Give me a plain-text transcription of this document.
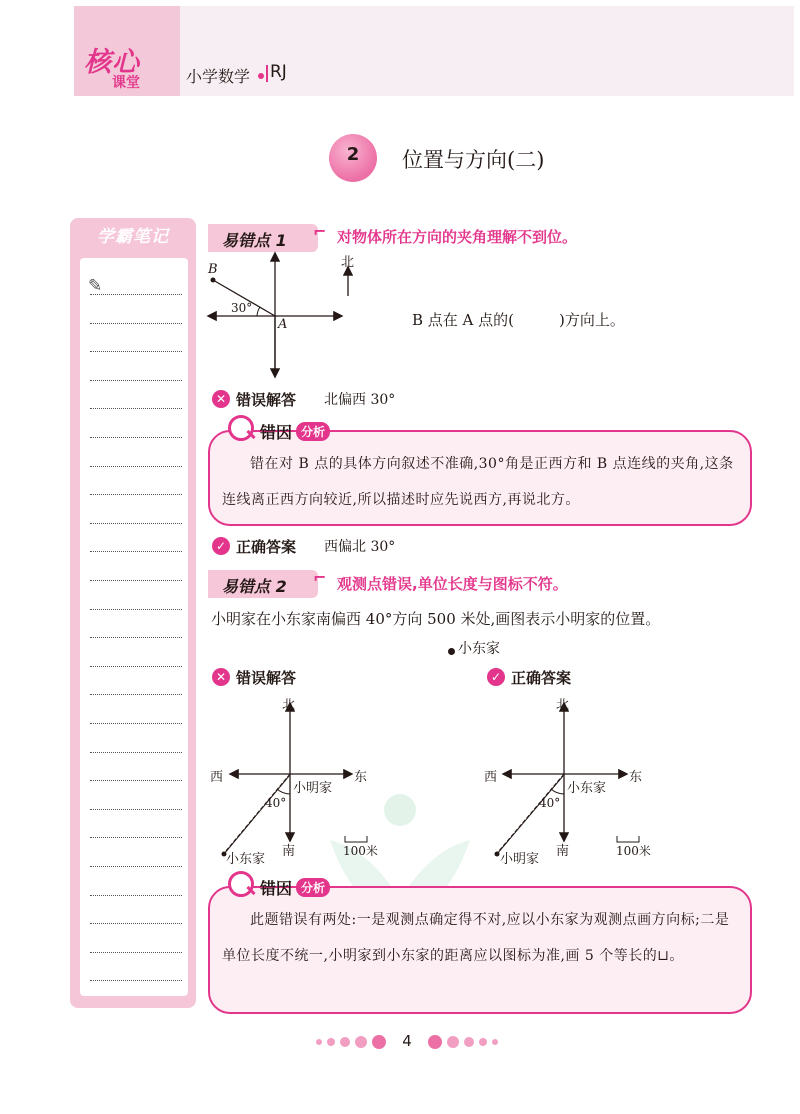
核心
课堂	小学数学 RJ
2	位置与方向(二)
学霸笔记
✎
易错点 1 ⌐ 对物体所在方向的夹角理解不到位。
B
A
30°
北
B 点在 A 点的(　　　)方向上。
✕ 错误解答 北偏西 30°
错因 分析
错在对 B 点的具体方向叙述不准确,30°角是正西方和 B 点连线的夹角,这条连线离正西方向较近,所以描述时应先说西方,再说北方。
✓ 正确答案 西偏北 30°
易错点 2 ⌐ 观测点错误,单位长度与图标不符。
小明家在小东家南偏西 40°方向 500 米处,画图表示小明家的位置。
小东家
✕ 错误解答	✓ 正确答案
北
西	东
南
小明家
40°
小东家
100米
北
西	东
南
小东家
40°
小明家
100米
错因 分析
此题错误有两处:一是观测点确定得不对,应以小东家为观测点画方向标;二是单位长度不统一,小明家到小东家的距离应以图标为准,画 5 个等长的⊔。
4
